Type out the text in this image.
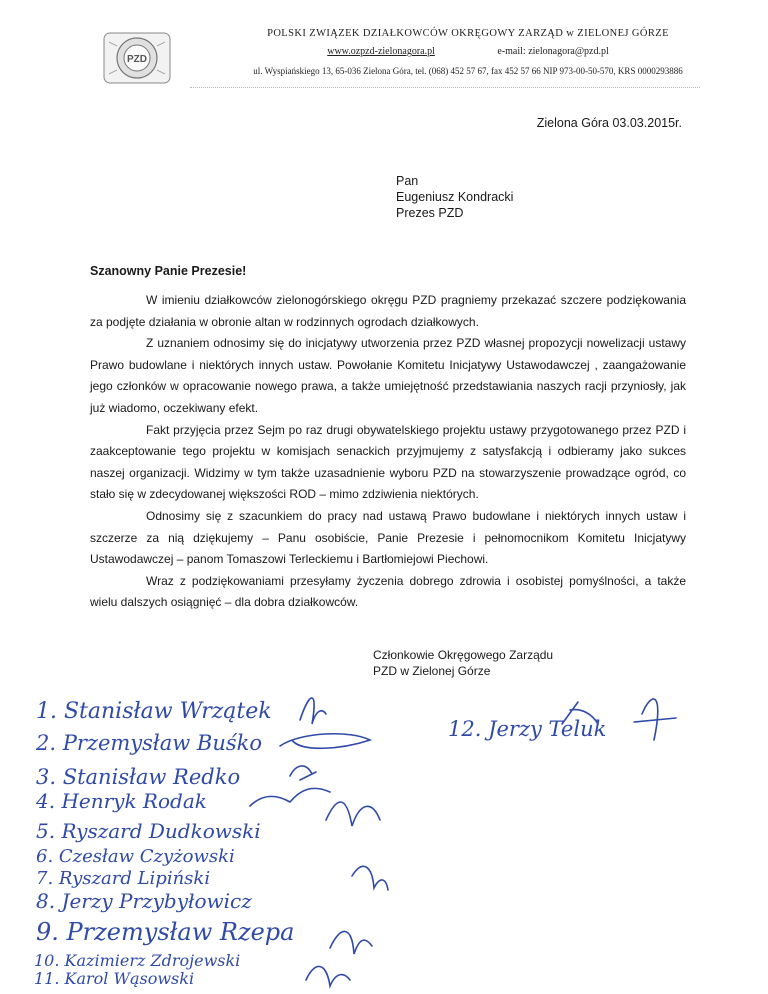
PZD
POLSKI ZWIĄZEK DZIAŁKOWCÓW OKRĘGOWY ZARZĄD w ZIELONEJ GÓRZE
www.ozpzd-zielonagora.pl	e-mail: zielonagora@pzd.pl
ul. Wyspiańskiego 13, 65-036 Zielona Góra, tel. (068) 452 57 67, fax 452 57 66 NIP 973-00-50-570, KRS 0000293886
Zielona Góra 03.03.2015r.
Pan
Eugeniusz Kondracki
Prezes PZD
Szanowny Panie Prezesie!

W imieniu działkowców zielonogórskiego okręgu PZD pragniemy przekazać szczere podziękowania za podjęte działania w obronie altan w rodzinnych ogrodach działkowych.

Z uznaniem odnosimy się do inicjatywy utworzenia przez PZD własnej propozycji nowelizacji ustawy Prawo budowlane i niektórych innych ustaw. Powołanie Komitetu Inicjatywy Ustawodawczej , zaangażowanie jego członków w opracowanie nowego prawa, a także umiejętność przedstawiania naszych racji przyniosły, jak już wiadomo, oczekiwany efekt.

Fakt przyjęcia przez Sejm po raz drugi obywatelskiego projektu ustawy przygotowanego przez PZD i zaakceptowanie tego projektu w komisjach senackich przyjmujemy z satysfakcją i odbieramy jako sukces naszej organizacji. Widzimy w tym także uzasadnienie wyboru PZD na stowarzyszenie prowadzące ogród, co stało się w zdecydowanej większości ROD – mimo zdziwienia niektórych.

Odnosimy się z szacunkiem do pracy nad ustawą Prawo budowlane i niektórych innych ustaw i szczerze za nią dziękujemy – Panu osobiście, Panie Prezesie i pełnomocnikom Komitetu Inicjatywy Ustawodawczej – panom Tomaszowi Terleckiemu i Bartłomiejowi Piechowi.

Wraz z podziękowaniami przesyłamy życzenia dobrego zdrowia i osobistej pomyślności, a także wielu dalszych osiągnięć – dla dobra działkowców.

Członkowie Okręgowego Zarządu
PZD w Zielonej Górze
1. Stanisław Wrzątek
2. Przemysław Buśko
3. Stanisław Redko
4. Henryk Rodak
5. Ryszard Dudkowski
6. Czesław Czyżowski
7. Ryszard Lipiński
8. Jerzy Przybyłowicz
9. Przemysław Rzepa
10. Kazimierz Zdrojewski
11. Karol Wąsowski
12. Jerzy Teluk
